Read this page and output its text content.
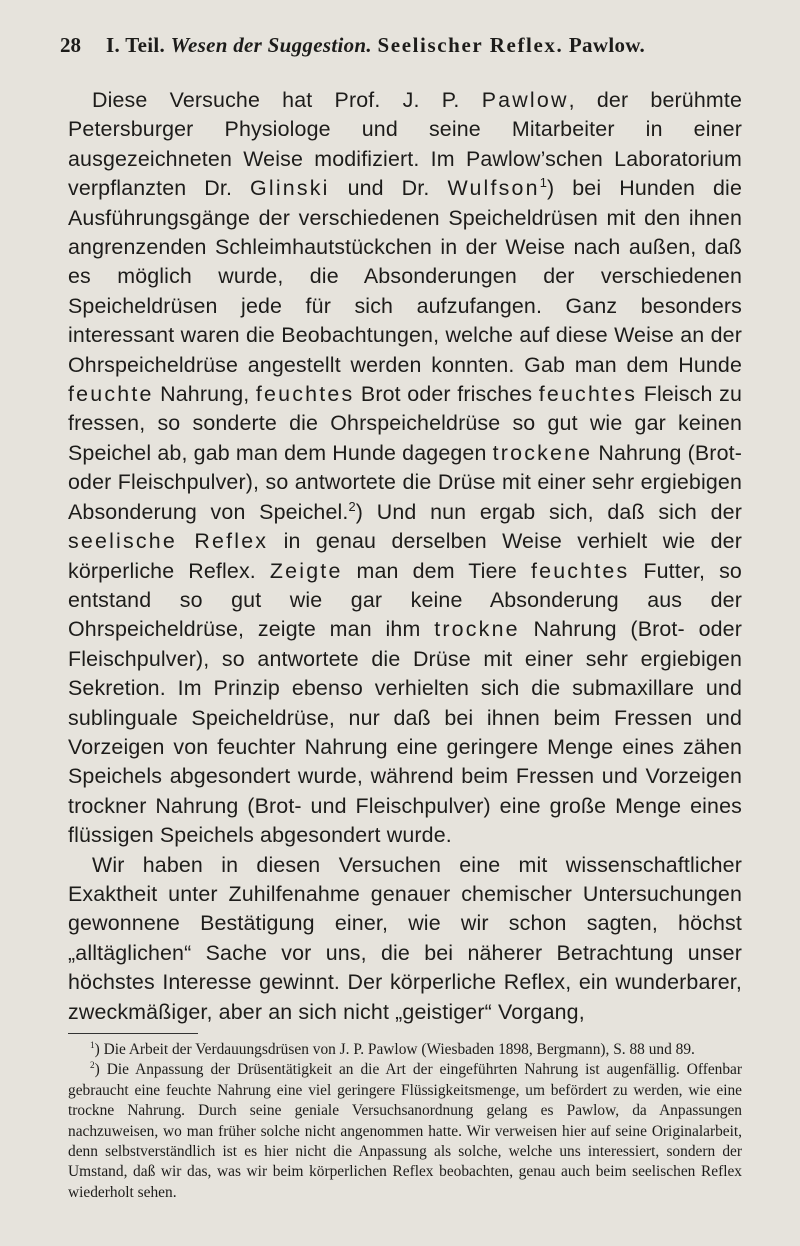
28	I. Teil. Wesen der Suggestion. Seelischer Reflex. Pawlow.

Diese Versuche hat Prof. J. P. Pawlow, der berühmte Petersburger Physiologe und seine Mitarbeiter in einer ausgezeichneten Weise modifiziert. Im Pawlow’schen Laboratorium verpflanzten Dr. Glinski und Dr. Wulfson$^1$) bei Hunden die Ausführungsgänge der verschiedenen Speicheldrüsen mit den ihnen angrenzenden Schleimhautstückchen in der Weise nach außen, daß es möglich wurde, die Absonderungen der verschiedenen Speicheldrüsen jede für sich aufzufangen. Ganz besonders interessant waren die Beobachtungen, welche auf diese Weise an der Ohrspeicheldrüse angestellt werden konnten. Gab man dem Hunde feuchte Nahrung, feuchtes Brot oder frisches feuchtes Fleisch zu fressen, so sonderte die Ohrspeicheldrüse so gut wie gar keinen Speichel ab, gab man dem Hunde dagegen trockene Nahrung (Brot- oder Fleischpulver), so antwortete die Drüse mit einer sehr ergiebigen Absonderung von Speichel.$^2$) Und nun ergab sich, daß sich der seelische Reflex in genau derselben Weise verhielt wie der körperliche Reflex. Zeigte man dem Tiere feuchtes Futter, so entstand so gut wie gar keine Absonderung aus der Ohrspeicheldrüse, zeigte man ihm trockne Nahrung (Brot- oder Fleischpulver), so antwortete die Drüse mit einer sehr ergiebigen Sekretion. Im Prinzip ebenso verhielten sich die submaxillare und sublinguale Speicheldrüse, nur daß bei ihnen beim Fressen und Vorzeigen von feuchter Nahrung eine geringere Menge eines zähen Speichels abgesondert wurde, während beim Fressen und Vorzeigen trockner Nahrung (Brot- und Fleischpulver) eine große Menge eines flüssigen Speichels abgesondert wurde.

Wir haben in diesen Versuchen eine mit wissenschaftlicher Exaktheit unter Zuhilfenahme genauer chemischer Untersuchungen gewonnene Bestätigung einer, wie wir schon sagten, höchst „alltäglichen“ Sache vor uns, die bei näherer Betrachtung unser höchstes Interesse gewinnt. Der körperliche Reflex, ein wunderbarer, zweckmäßiger, aber an sich nicht „geistiger“ Vorgang,

$^1$) Die Arbeit der Verdauungsdrüsen von J. P. Pawlow (Wiesbaden 1898, Bergmann), S. 88 und 89.

$^2$) Die Anpassung der Drüsentätigkeit an die Art der eingeführten Nahrung ist augenfällig. Offenbar gebraucht eine feuchte Nahrung eine viel geringere Flüssigkeitsmenge, um befördert zu werden, wie eine trockne Nahrung. Durch seine geniale Versuchsanordnung gelang es Pawlow, da Anpassungen nachzuweisen, wo man früher solche nicht angenommen hatte. Wir verweisen hier auf seine Originalarbeit, denn selbstverständlich ist es hier nicht die Anpassung als solche, welche uns interessiert, sondern der Umstand, daß wir das, was wir beim körperlichen Reflex beobachten, genau auch beim seelischen Reflex wiederholt sehen.
